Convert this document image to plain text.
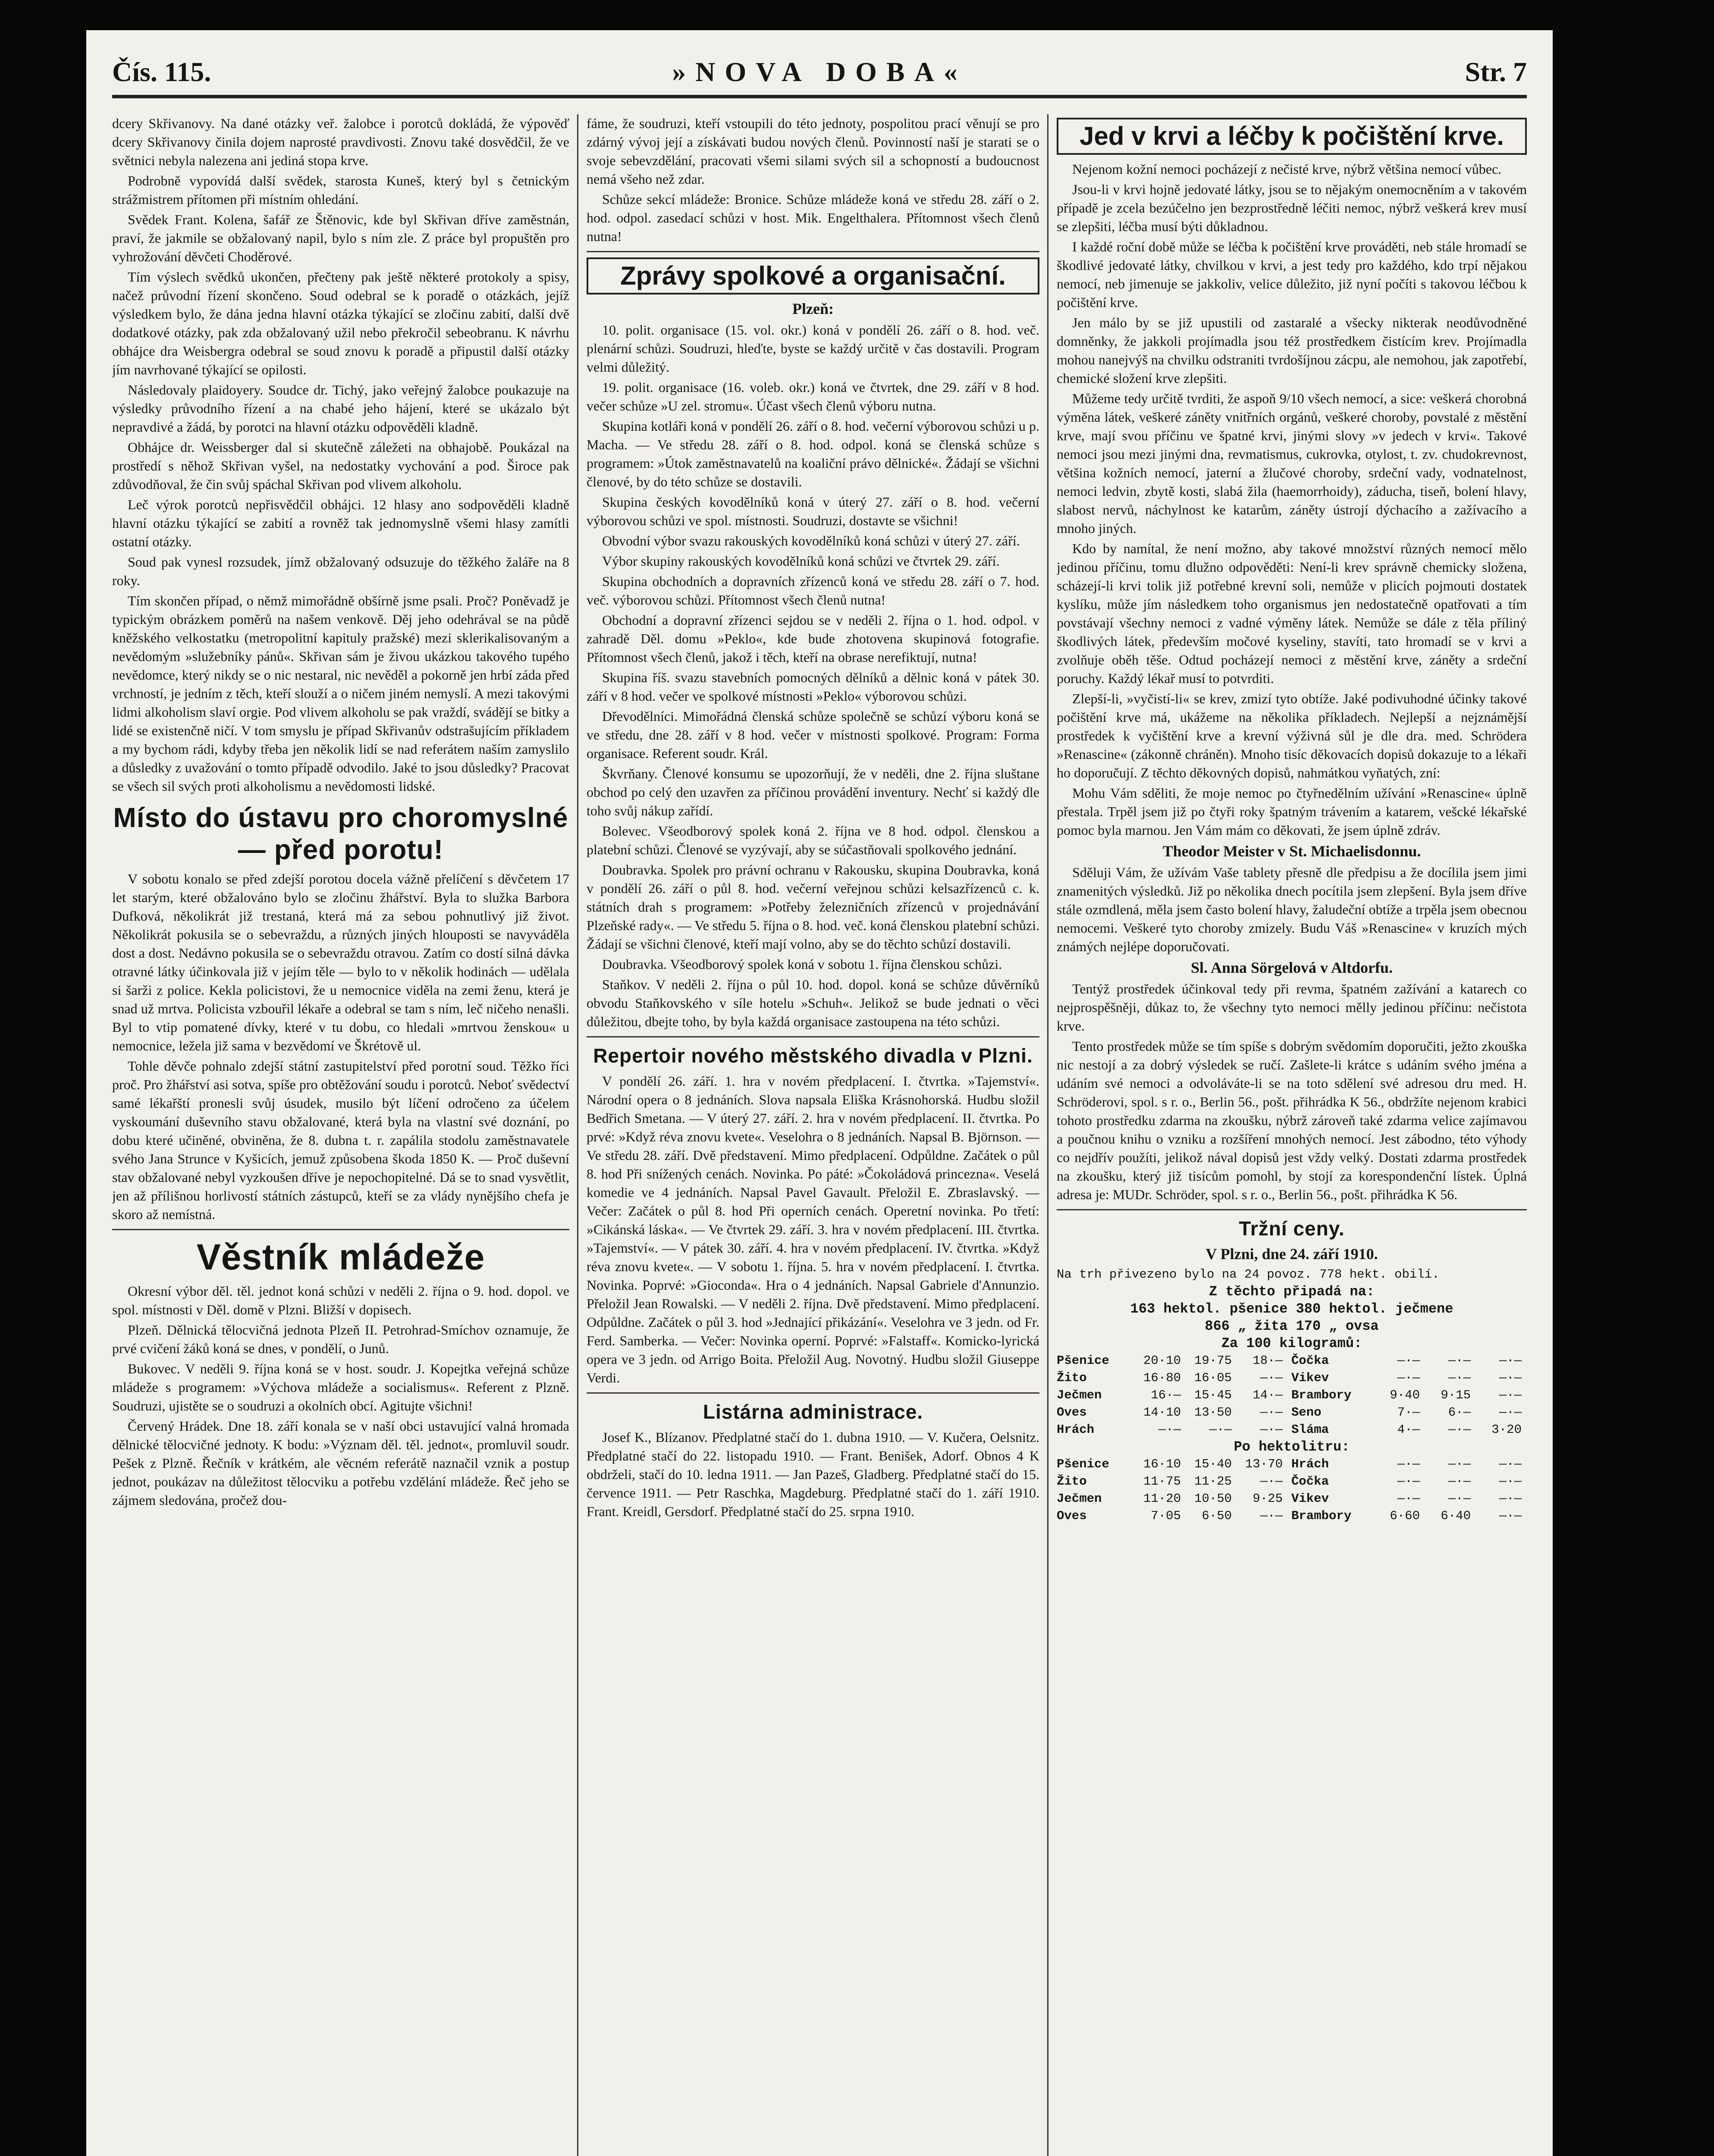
Čís. 115.	»NOVA DOBA«	Str. 7

dcery Skřivanovy. Na dané otázky veř. žalobce i porotců dokládá, že výpověď dcery Skřivanovy činila dojem naprosté pravdivosti. Znovu také dosvědčil, že ve světnici nebyla nalezena ani jediná stopa krve.

Podrobně vypovídá další svědek, starosta Kuneš, který byl s četnickým strážmistrem přítomen při místním ohledání.

Svědek Frant. Kolena, šafář ze Štěnovic, kde byl Skřivan dříve zaměstnán, praví, že jakmile se obžalovaný napil, bylo s ním zle. Z práce byl propuštěn pro vyhrožování děvčeti Choděrové.

Tím výslech svědků ukončen, přečteny pak ještě některé protokoly a spisy, načež průvodní řízení skončeno. Soud odebral se k poradě o otázkách, jejíž výsledkem bylo, že dána jedna hlavní otázka týkající se zločinu zabití, další dvě dodatkové otázky, pak zda obžalovaný užil nebo překročil sebeobranu. K návrhu obhájce dra Weisbergra odebral se soud znovu k poradě a připustil další otázky jím navrhované týkající se opilosti.

Následovaly plaidoyery. Soudce dr. Tichý, jako veřejný žalobce poukazuje na výsledky průvodního řízení a na chabé jeho hájení, které se ukázalo být nepravdivé a žádá, by porotci na hlavní otázku odpověděli kladně.

Obhájce dr. Weissberger dal si skutečně záležeti na obhajobě. Poukázal na prostředí s něhož Skřivan vyšel, na nedostatky vychování a pod. Široce pak zdůvodňoval, že čin svůj spáchal Skřivan pod vlivem alkoholu.

Leč výrok porotců nepřisvědčil obhájci. 12 hlasy ano sodpověděli kladně hlavní otázku týkající se zabití a rovněž tak jednomyslně všemi hlasy zamítli ostatní otázky.

Soud pak vynesl rozsudek, jímž obžalovaný odsuzuje do těžkého žaláře na 8 roky.

Tím skončen případ, o němž mimořádně obšírně jsme psali. Proč? Poněvadž je typickým obrázkem poměrů na našem venkově. Děj jeho odehrával se na půdě kněžského velkostatku (metropolitní kapituly pražské) mezi sklerikalisovaným a nevědomým »služebníky pánů«. Skřivan sám je živou ukázkou takového tupého nevědomce, který nikdy se o nic nestaral, nic nevěděl a pokorně jen hrbí záda před vrchností, je jedním z těch, kteří slouží a o ničem jiném nemyslí. A mezi takovými lidmi alkoholism slaví orgie. Pod vlivem alkoholu se pak vraždí, svádějí se bitky a lidé se existenčně ničí. V tom smyslu je případ Skřivanův odstrašujícím příkladem a my bychom rádi, kdyby třeba jen několik lidí se nad referátem naším zamyslilo a důsledky z uvažování o tomto případě odvodilo. Jaké to jsou důsledky? Pracovat se všech sil svých proti alkoholismu a nevědomosti lidské.

Místo do ústavu pro choromyslné — před porotu!

V sobotu konalo se před zdejší porotou docela vážně přelíčení s děvčetem 17 let starým, které obžalováno bylo se zločinu žhářství. Byla to služka Barbora Dufková, několikrát již trestaná, která má za sebou pohnutlivý již život. Několikrát pokusila se o sebevraždu, a různých jiných hlouposti se navyváděla dost a dost. Nedávno pokusila se o sebevraždu otravou. Zatím co dostí silná dávka otravné látky účinkovala již v jejím těle — bylo to v několik hodinách — udělala si šarži z police. Kekla policistovi, že u nemocnice viděla na zemi ženu, která je snad už mrtva. Policista vzbouřil lékaře a odebral se tam s ním, leč ničeho nenašli. Byl to vtip pomatené dívky, které v tu dobu, co hledali »mrtvou ženskou« u nemocnice, ležela již sama v bezvědomí ve Škrétově ul.

Tohle děvče pohnalo zdejší státní zastupitelství před porotní soud. Těžko říci proč. Pro žhářství asi sotva, spíše pro obtěžování soudu i porotců. Neboť svědectví samé lékařští pronesli svůj úsudek, musilo být líčení odročeno za účelem vyskoumání duševního stavu obžalované, která byla na vlastní své doznání, po dobu které učiněné, obviněna, že 8. dubna t. r. zapálila stodolu zaměstnavatele svého Jana Strunce v Kyšicích, jemuž způsobena škoda 1850 K. — Proč duševní stav obžalované nebyl vyzkoušen dříve je nepochopitelné. Dá se to snad vysvětlit, jen až přílišnou horlivostí státních zástupců, kteří se za vlády nynějšího chefa je skoro až nemístná.

Věstník mládeže

Okresní výbor děl. těl. jednot koná schůzi v neděli 2. října o 9. hod. dopol. ve spol. místnosti v Děl. domě v Plzni. Bližší v dopisech.

Plzeň. Dělnická tělocvičná jednota Plzeň II. Petrohrad-Smíchov oznamuje, že prvé cvičení žáků koná se dnes, v pondělí, o Junů.

Bukovec. V neděli 9. října koná se v host. soudr. J. Kopejtka veřejná schůze mládeže s programem: »Výchova mládeže a socialismus«. Referent z Plzně. Soudruzi, ujistěte se o soudruzi a okolních obcí. Agitujte všichni!

Červený Hrádek. Dne 18. září konala se v naší obci ustavující valná hromada dělnické tělocvičné jednoty. K bodu: »Význam děl. těl. jednot«, promluvil soudr. Pešek z Plzně. Řečník v krátkém, ale věcném referátě naznačil vznik a postup jednot, poukázav na důležitost tělocviku a potřebu vzdělání mládeže. Řeč jeho se zájmem sledována, pročež dou-

fáme, že soudruzi, kteří vstoupili do této jednoty, pospolitou prací věnují se pro zdárný vývoj její a získávati budou nových členů. Povinností naší je starati se o svoje sebevzdělání, pracovati všemi silami svých sil a schopností a budoucnost nemá všeho než zdar.

Schůze sekcí mládeže: Bronice. Schůze mládeže koná ve středu 28. září o 2. hod. odpol. zasedací schůzi v host. Mik. Engelthalera. Přítomnost všech členů nutna!

Zprávy spolkové a organisační.
Plzeň:

10. polit. organisace (15. vol. okr.) koná v pondělí 26. září o 8. hod. več. plenární schůzi. Soudruzi, hleďte, byste se každý určitě v čas dostavili. Program velmi důležitý.

19. polit. organisace (16. voleb. okr.) koná ve čtvrtek, dne 29. září v 8 hod. večer schůze »U zel. stromu«. Účast všech členů výboru nutna.

Skupina kotláři koná v pondělí 26. září o 8. hod. večerní výborovou schůzi u p. Macha. — Ve středu 28. září o 8. hod. odpol. koná se členská schůze s programem: »Útok zaměstnavatelů na koaliční právo dělnické«. Žádají se všichni členové, by do této schůze se dostavili.

Skupina českých kovodělníků koná v úterý 27. září o 8. hod. večerní výborovou schůzi ve spol. místnosti. Soudruzi, dostavte se všichni!

Obvodní výbor svazu rakouských kovodělníků koná schůzi v úterý 27. září.

Výbor skupiny rakouských kovodělníků koná schůzi ve čtvrtek 29. září.

Skupina obchodních a dopravních zřízenců koná ve středu 28. září o 7. hod. več. výborovou schůzi. Přítomnost všech členů nutna!

Obchodní a dopravní zřízenci sejdou se v neděli 2. října o 1. hod. odpol. v zahradě Děl. domu »Peklo«, kde bude zhotovena skupinová fotografie. Přítomnost všech členů, jakož i těch, kteří na obrase nerefiktují, nutna!

Skupina říš. svazu stavebních pomocných dělníků a dělnic koná v pátek 30. září v 8 hod. večer ve spolkové místnosti »Peklo« výborovou schůzi.

Dřevodělníci. Mimořádná členská schůze společně se schůzí výboru koná se ve středu, dne 28. září v 8 hod. večer v místnosti spolkové. Program: Forma organisace. Referent soudr. Král.

Škvrňany. Členové konsumu se upozorňují, že v neděli, dne 2. října sluštane obchod po celý den uzavřen za příčinou provádění inventury. Nechť si každý dle toho svůj nákup zařídí.

Bolevec. Všeodborový spolek koná 2. října ve 8 hod. odpol. členskou a platební schůzi. Členové se vyzývají, aby se súčastňovali spolkového jednání.

Doubravka. Spolek pro právní ochranu v Rakousku, skupina Doubravka, koná v pondělí 26. září o půl 8. hod. večerní veřejnou schůzi kelsazřízenců c. k. státních drah s programem: »Potřeby železničních zřízenců v projednávání Plzeňské rady«. — Ve středu 5. října o 8. hod. več. koná členskou platební schůzi. Žádají se všichni členové, kteří mají volno, aby se do těchto schůzí dostavili.

Doubravka. Všeodborový spolek koná v sobotu 1. října členskou schůzi.

Staňkov. V neděli 2. října o půl 10. hod. dopol. koná se schůze důvěrníků obvodu Staňkovského v síle hotelu »Schuh«. Jelikož se bude jednati o věci důležitou, dbejte toho, by byla každá organisace zastoupena na této schůzi.

Repertoir nového městského divadla v Plzni.

V pondělí 26. září. 1. hra v novém předplacení. I. čtvrtka. »Tajemství«. Národní opera o 8 jednáních. Slova napsala Eliška Krásnohorská. Hudbu složil Bedřich Smetana. — V úterý 27. září. 2. hra v novém předplacení. II. čtvrtka. Po prvé: »Když réva znovu kvete«. Veselohra o 8 jednáních. Napsal B. Björnson. — Ve středu 28. září. Dvě představení. Mimo předplacení. Odpůldne. Začátek o půl 8. hod Při snížených cenách. Novinka. Po páté: »Čokoládová princezna«. Veselá komedie ve 4 jednáních. Napsal Pavel Gavault. Přeložil E. Zbraslavský. — Večer: Začátek o půl 8. hod Při operních cenách. Operetní novinka. Po třetí: »Cikánská láska«. — Ve čtvrtek 29. září. 3. hra v novém předplacení. III. čtvrtka. »Tajemství«. — V pátek 30. září. 4. hra v novém předplacení. IV. čtvrtka. »Když réva znovu kvete«. — V sobotu 1. října. 5. hra v novém předplacení. I. čtvrtka. Novinka. Poprvé: »Gioconda«. Hra o 4 jednáních. Napsal Gabriele d'Annunzio. Přeložil Jean Rowalski. — V neděli 2. října. Dvě představení. Mimo předplacení. Odpůldne. Začátek o půl 3. hod »Jednající přikázání«. Veselohra ve 3 jedn. od Fr. Ferd. Samberka. — Večer: Novinka operní. Poprvé: »Falstaff«. Komicko-lyrická opera ve 3 jedn. od Arrigo Boita. Přeložil Aug. Novotný. Hudbu složil Giuseppe Verdi.

Listárna administrace.

Josef K., Blízanov. Předplatné stačí do 1. dubna 1910. — V. Kučera, Oelsnitz. Předplatné stačí do 22. listopadu 1910. — Frant. Benišek, Adorf. Obnos 4 K obdrželi, stačí do 10. ledna 1911. — Jan Pazeš, Gladberg. Předplatné stačí do 15. července 1911. — Petr Raschka, Magdeburg. Předplatné stačí do 1. září 1910. Frant. Kreidl, Gersdorf. Předplatné stačí do 25. srpna 1910.

Jed v krvi a léčby k počištění krve.

Nejenom kožní nemoci pocházejí z nečisté krve, nýbrž většina nemocí vůbec.

Jsou-li v krvi hojně jedovaté látky, jsou se to nějakým onemocněním a v takovém případě je zcela bezúčelno jen bezprostředně léčiti nemoc, nýbrž veškerá krev musí se zlepšiti, léčba musí býti důkladnou.

I každé roční době může se léčba k počištění krve prováděti, neb stále hromadí se škodlivé jedovaté látky, chvilkou v krvi, a jest tedy pro každého, kdo trpí nějakou nemocí, neb jimenuje se jakkoliv, velice důležito, již nyní počíti s takovou léčbou k počištění krve.

Jen málo by se již upustili od zastaralé a všecky nikterak neodůvodněné domněnky, že jakkoli projímadla jsou též prostředkem čistícím krev. Projímadla mohou nanejvýš na chvilku odstraniti tvrdošíjnou zácpu, ale nemohou, jak zapotřebí, chemické složení krve zlepšiti.

Můžeme tedy určitě tvrditi, že aspoň 9/10 všech nemocí, a sice: veškerá chorobná výměna látek, veškeré záněty vnitřních orgánů, veškeré choroby, povstalé z městění krve, mají svou příčinu ve špatné krvi, jinými slovy »v jedech v krvi«. Takové nemoci jsou mezi jinými dna, revmatismus, cukrovka, otylost, t. zv. chudokrevnost, většina kožních nemocí, jaterní a žlučové choroby, srdeční vady, vodnatelnost, nemoci ledvin, zbytě kosti, slabá žila (haemorrhoidy), záducha, tiseň, bolení hlavy, slabost nervů, náchylnost ke katarům, záněty ústrojí dýchacího a zažívacího a mnoho jiných.

Kdo by namítal, že není možno, aby takové množství různých nemocí mělo jedinou příčinu, tomu dlužno odpověděti: Není-li krev správně chemicky složena, scházejí-li krvi tolik již potřebné krevní soli, nemůže v plicích pojmouti dostatek kyslíku, může jím následkem toho organismus jen nedostatečně opatřovati a tím povstávají všechny nemoci z vadné výměny látek. Nemůže se dále z těla příliný škodlivých látek, především močové kyseliny, stavíti, tato hromadí se v krvi a zvolňuje oběh těše. Odtud pocházejí nemoci z městění krve, záněty a srdeční poruchy. Každý lékař musí to potvrditi.

Zlepší-li, »vyčistí-li« se krev, zmizí tyto obtíže. Jaké podivuhodné účinky takové počištění krve má, ukážeme na několika příkladech. Nejlepší a nejznámější prostředek k vyčištění krve a krevní výživná sůl je dle dra. med. Schrödera »Renascine« (zákonně chráněn). Mnoho tisíc děkovacích dopisů dokazuje to a lékaři ho doporučují. Z těchto děkovných dopisů, nahmátkou vyňatých, zní:

Mohu Vám sděliti, že moje nemoc po čtyřnedělním užívání »Renascine« úplně přestala. Trpěl jsem již po čtyři roky špatným trávením a katarem, vešcké lékařské pomoc byla marnou. Jen Vám mám co děkovati, že jsem úplně zdráv.

Theodor Meister v St. Michaelisdonnu.

Sděluji Vám, že užívám Vaše tablety přesně dle předpisu a že docílila jsem jimi znamenitých výsledků. Již po několika dnech pocítila jsem zlepšení. Byla jsem dříve stále ozmdlená, měla jsem často bolení hlavy, žaludeční obtíže a trpěla jsem obecnou nemocemi. Veškeré tyto choroby zmizely. Budu Váš »Renascine« v kruzích mých známých nejlépe doporučovati.

Sl. Anna Sörgelová v Altdorfu.

Tentýž prostředek účinkoval tedy při revma, špatném zažívání a katarech co nejprospěšněji, důkaz to, že všechny tyto nemoci mělly jedinou příčinu: nečistota krve.

Tento prostředek může se tím spíše s dobrým svědomím doporučiti, ježto zkouška nic nestojí a za dobrý výsledek se ručí. Zašlete-li krátce s udáním svého jména a udáním své nemoci a odvoláváte-li se na toto sdělení své adresou dru med. H. Schröderovi, spol. s r. o., Berlin 56., pošt. přihrádka K 56., obdržíte nejenom krabici tohoto prostředku zdarma na zkoušku, nýbrž zároveň také zdarma velice zajímavou a poučnou knihu o vzniku a rozšíření mnohých nemocí. Jest zábodno, této výhody co nejdřív použíti, jelikož nával dopisů jest vždy velký. Dostati zdarma prostředek na zkoušku, který již tisícům pomohl, by stojí za korespondenční lístek. Úplná adresa je: MUDr. Schröder, spol. s r. o., Berlin 56., pošt. přihrádka K 56.

Tržní ceny.
V Plzni, dne 24. září 1910.
Na trh přivezeno bylo na 24 povoz. 778 hekt. obilí.
Z těchto připadá na:
163 hektol. pšenice 380 hektol. ječmene
866 „ žita 170 „ ovsa
Za 100 kilogramů:
Pšenice	20·10	19·75	18·— Čočka	—·—	—·—	—·—
Žito	16·80	16·05	—·— Vikev	—·—	—·—	—·—
Ječmen	16·—	15·45	14·— Brambory	9·40	9·15	—·—
Oves	14·10	13·50	—·— Seno	7·—	6·—	—·—
Hrách	—·—	—·—	—·— Sláma	4·—	—·—	3·20
Po hektolitru:
Pšenice	16·10	15·40	13·70 Hrách	—·—	—·—	—·—
Žito	11·75	11·25	—·— Čočka	—·—	—·—	—·—
Ječmen	11·20	10·50	9·25 Vikev	—·—	—·—	—·—
Oves	7·05	6·50	—·— Brambory	6·60	6·40	—·—
